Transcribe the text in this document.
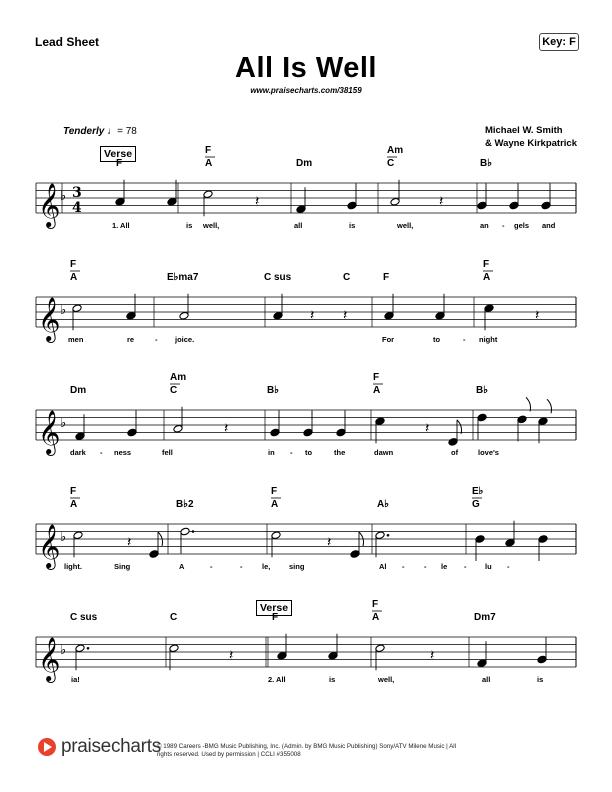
Lead Sheet	Key: F
All Is Well
www.praisecharts.com/38159
Tenderly ♩= 78	Michael W. Smith
& Wayne Kirkpatrick
Verse
Verse
𝄞 ♭ 3
4	𝄽	𝄽
𝄞 ♭	𝄽 𝄽	𝄽
𝄞 ♭	𝄽	𝄽
𝄞 ♭	𝄽	𝄽
𝄞 ♭	𝄽	𝄽
F
F
A	Dm
Am
C	B♭
1. All	is well,	all	is	well,	an - gels and
F
A	E♭ma7	C sus	C	F
F
A
men	re	- joice.	For	to	- night
Dm
Am
C	B♭
F
A	B♭
dark - ness	fell	in - to	the	dawn	of	love's
F
A	B♭2
F
A	A♭
E♭
G
light.	Sing	A	-	-	le, sing	Al -	- le - lu -
C sus	C	F
F
A	Dm7
ia!	2. All	is	well,	all	is
praisecharts
© 1989 Careers -BMG Music Publishing, Inc. (Admin. by BMG Music Publishing) Sony/ATV Milene Music | All rights reserved. Used by permission | CCLI #355008
